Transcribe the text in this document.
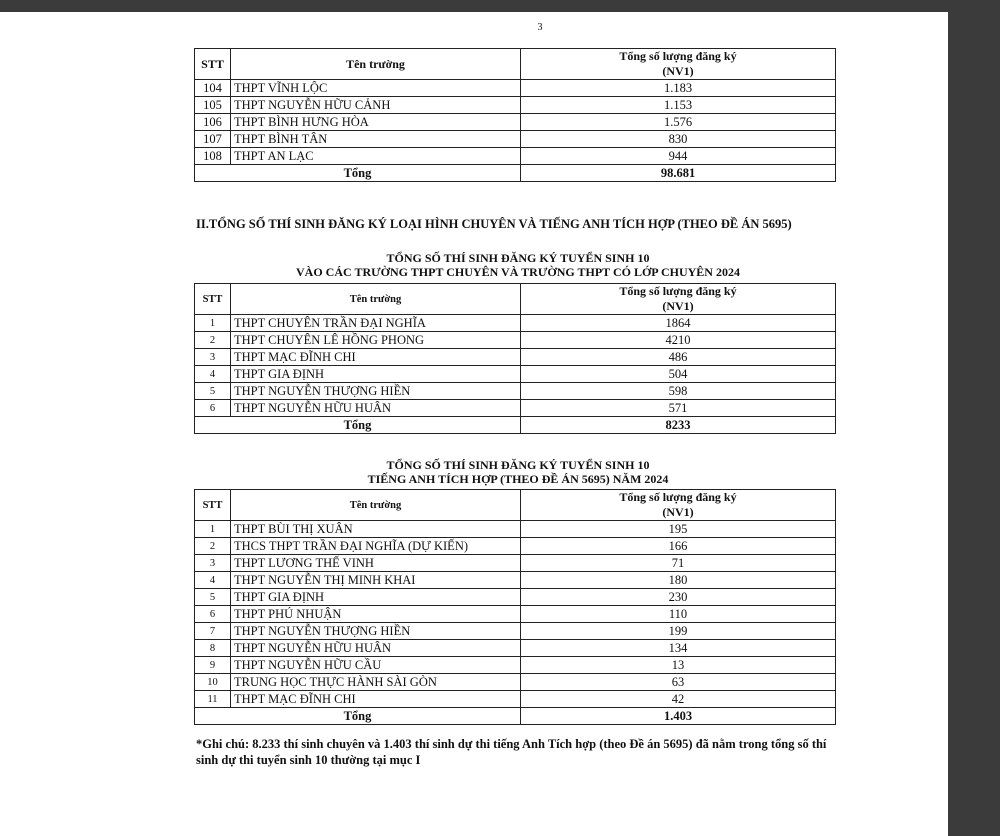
3
STT	Tên trường	Tổng số lượng đăng ký
(NV1)

104	THPT VĨNH LỘC	1.183
105	THPT NGUYỄN HỮU CẢNH	1.153
106	THPT BÌNH HƯNG HÒA	1.576
107	THPT BÌNH TÂN	830
108	THPT AN LẠC	944
Tổng		98.681
II.TỔNG SỐ THÍ SINH ĐĂNG KÝ LOẠI HÌNH CHUYÊN VÀ TIẾNG ANH TÍCH HỢP (THEO ĐỀ ÁN 5695)
TỔNG SỐ THÍ SINH ĐĂNG KÝ TUYỂN SINH 10
VÀO CÁC TRƯỜNG THPT CHUYÊN VÀ TRƯỜNG THPT CÓ LỚP CHUYÊN 2024
STT	Tên trường	Tổng số lượng đăng ký
(NV1)

1	THPT CHUYÊN TRẦN ĐẠI NGHĨA	1864
2	THPT CHUYÊN LÊ HỒNG PHONG	4210
3	THPT MẠC ĐĨNH CHI	486
4	THPT GIA ĐỊNH	504
5	THPT NGUYỄN THƯỢNG HIỀN	598
6	THPT NGUYỄN HỮU HUÂN	571
Tổng		8233
TỔNG SỐ THÍ SINH ĐĂNG KÝ TUYỂN SINH 10
TIẾNG ANH TÍCH HỢP (THEO ĐỀ ÁN 5695) NĂM 2024
STT	Tên trường	Tổng số lượng đăng ký
(NV1)

1	THPT BÙI THỊ XUÂN	195
2	THCS THPT TRẦN ĐẠI NGHĨA (DỰ KIẾN)	166
3	THPT LƯƠNG THẾ VINH	71
4	THPT NGUYỄN THỊ MINH KHAI	180
5	THPT GIA ĐỊNH	230
6	THPT PHÚ NHUẬN	110
7	THPT NGUYỄN THƯỢNG HIỀN	199
8	THPT NGUYỄN HỮU HUÂN	134
9	THPT NGUYỄN HỮU CẦU	13
10	TRUNG HỌC THỰC HÀNH SÀI GÒN	63
11	THPT MẠC ĐĨNH CHI	42
Tổng		1.403
*Ghi chú: 8.233 thí sinh chuyên và 1.403 thí sinh dự thi tiếng Anh Tích hợp (theo Đề án 5695) đã nằm trong tổng số thí sinh dự thi tuyển sinh 10 thường tại mục I
